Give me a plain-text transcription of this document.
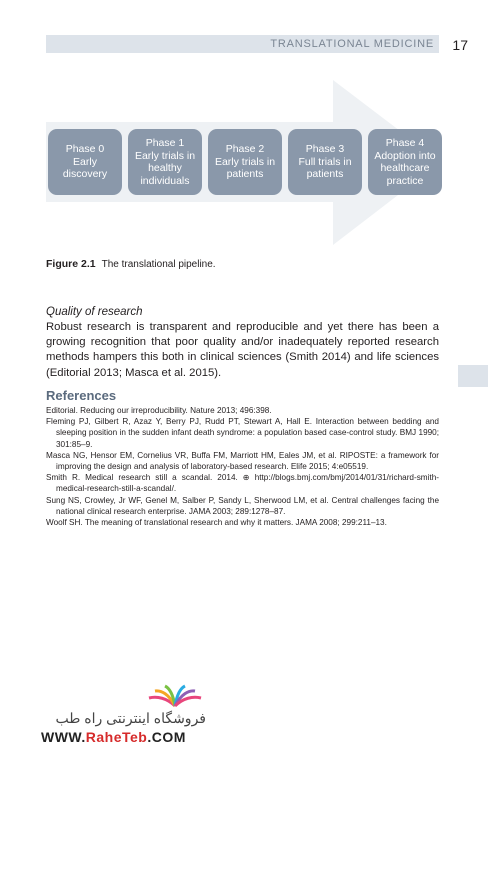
TRANSLATIONAL MEDICINE 17
Phase 0
Early
discovery
Phase 1
Early trials in
healthy
individuals
Phase 2
Early trials in
patients
Phase 3
Full trials in
patients
Phase 4
Adoption into
healthcare
practice
Figure 2.1 The translational pipeline.
Quality of research
Robust research is transparent and reproducible and yet there has been a growing recognition that poor quality and/or inadequately reported research methods hampers this both in clinical sciences (Smith 2014) and life sciences (Editorial 2013; Masca et al. 2015).
References
Editorial. Reducing our irreproducibility. Nature 2013; 496:398.
Fleming PJ, Gilbert R, Azaz Y, Berry PJ, Rudd PT, Stewart A, Hall E. Interaction between bedding and sleeping position in the sudden infant death syndrome: a population based case-control study. BMJ 1990; 301:85–9.
Masca NG, Hensor EM, Cornelius VR, Buffa FM, Marriott HM, Eales JM, et al. RIPOSTE: a framework for improving the design and analysis of laboratory-based research. Elife 2015; 4:e05519.
Smith R. Medical research still a scandal. 2014. ⊕ http://blogs.bmj.com/bmj/2014/01/31/richard-smith-medical-research-still-a-scandal/.
Sung NS, Crowley, Jr WF, Genel M, Salber P, Sandy L, Sherwood LM, et al. Central challenges facing the national clinical research enterprise. JAMA 2003; 289:1278–87.
Woolf SH. The meaning of translational research and why it matters. JAMA 2008; 299:211–13.
فروشگاه اینترنتی راه طب
WWW.RaheTeb.COM
